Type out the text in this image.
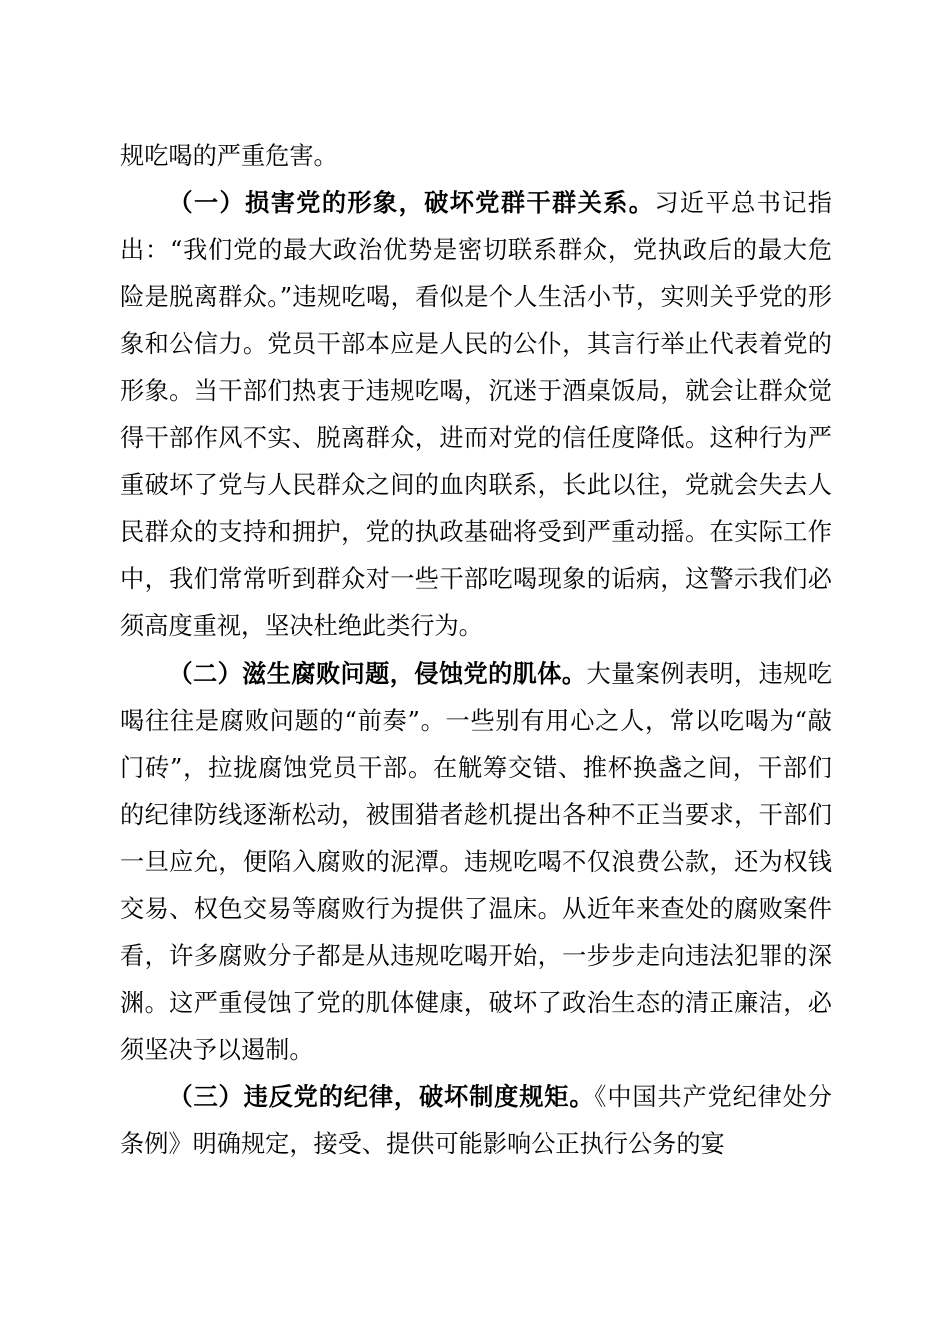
规吃喝的严重危害。

（一）损害党的形象，破坏党群干群关系。习近平总书记指出：“我们党的最大政治优势是密切联系群众，党执政后的最大危险是脱离群众。”违规吃喝，看似是个人生活小节，实则关乎党的形象和公信力。党员干部本应是人民的公仆，其言行举止代表着党的形象。当干部们热衷于违规吃喝，沉迷于酒桌饭局，就会让群众觉得干部作风不实、脱离群众，进而对党的信任度降低。这种行为严重破坏了党与人民群众之间的血肉联系，长此以往，党就会失去人民群众的支持和拥护，党的执政基础将受到严重动摇。在实际工作中，我们常常听到群众对一些干部吃喝现象的诟病，这警示我们必须高度重视，坚决杜绝此类行为。

（二）滋生腐败问题，侵蚀党的肌体。大量案例表明，违规吃喝往往是腐败问题的“前奏”。一些别有用心之人，常以吃喝为“敲门砖”，拉拢腐蚀党员干部。在觥筹交错、推杯换盏之间，干部们的纪律防线逐渐松动，被围猎者趁机提出各种不正当要求，干部们一旦应允，便陷入腐败的泥潭。违规吃喝不仅浪费公款，还为权钱交易、权色交易等腐败行为提供了温床。从近年来查处的腐败案件看，许多腐败分子都是从违规吃喝开始，一步步走向违法犯罪的深渊。这严重侵蚀了党的肌体健康，破坏了政治生态的清正廉洁，必须坚决予以遏制。

（三）违反党的纪律，破坏制度规矩。《中国共产党纪律处分条例》明确规定，接受、提供可能影响公正执行公务的宴
